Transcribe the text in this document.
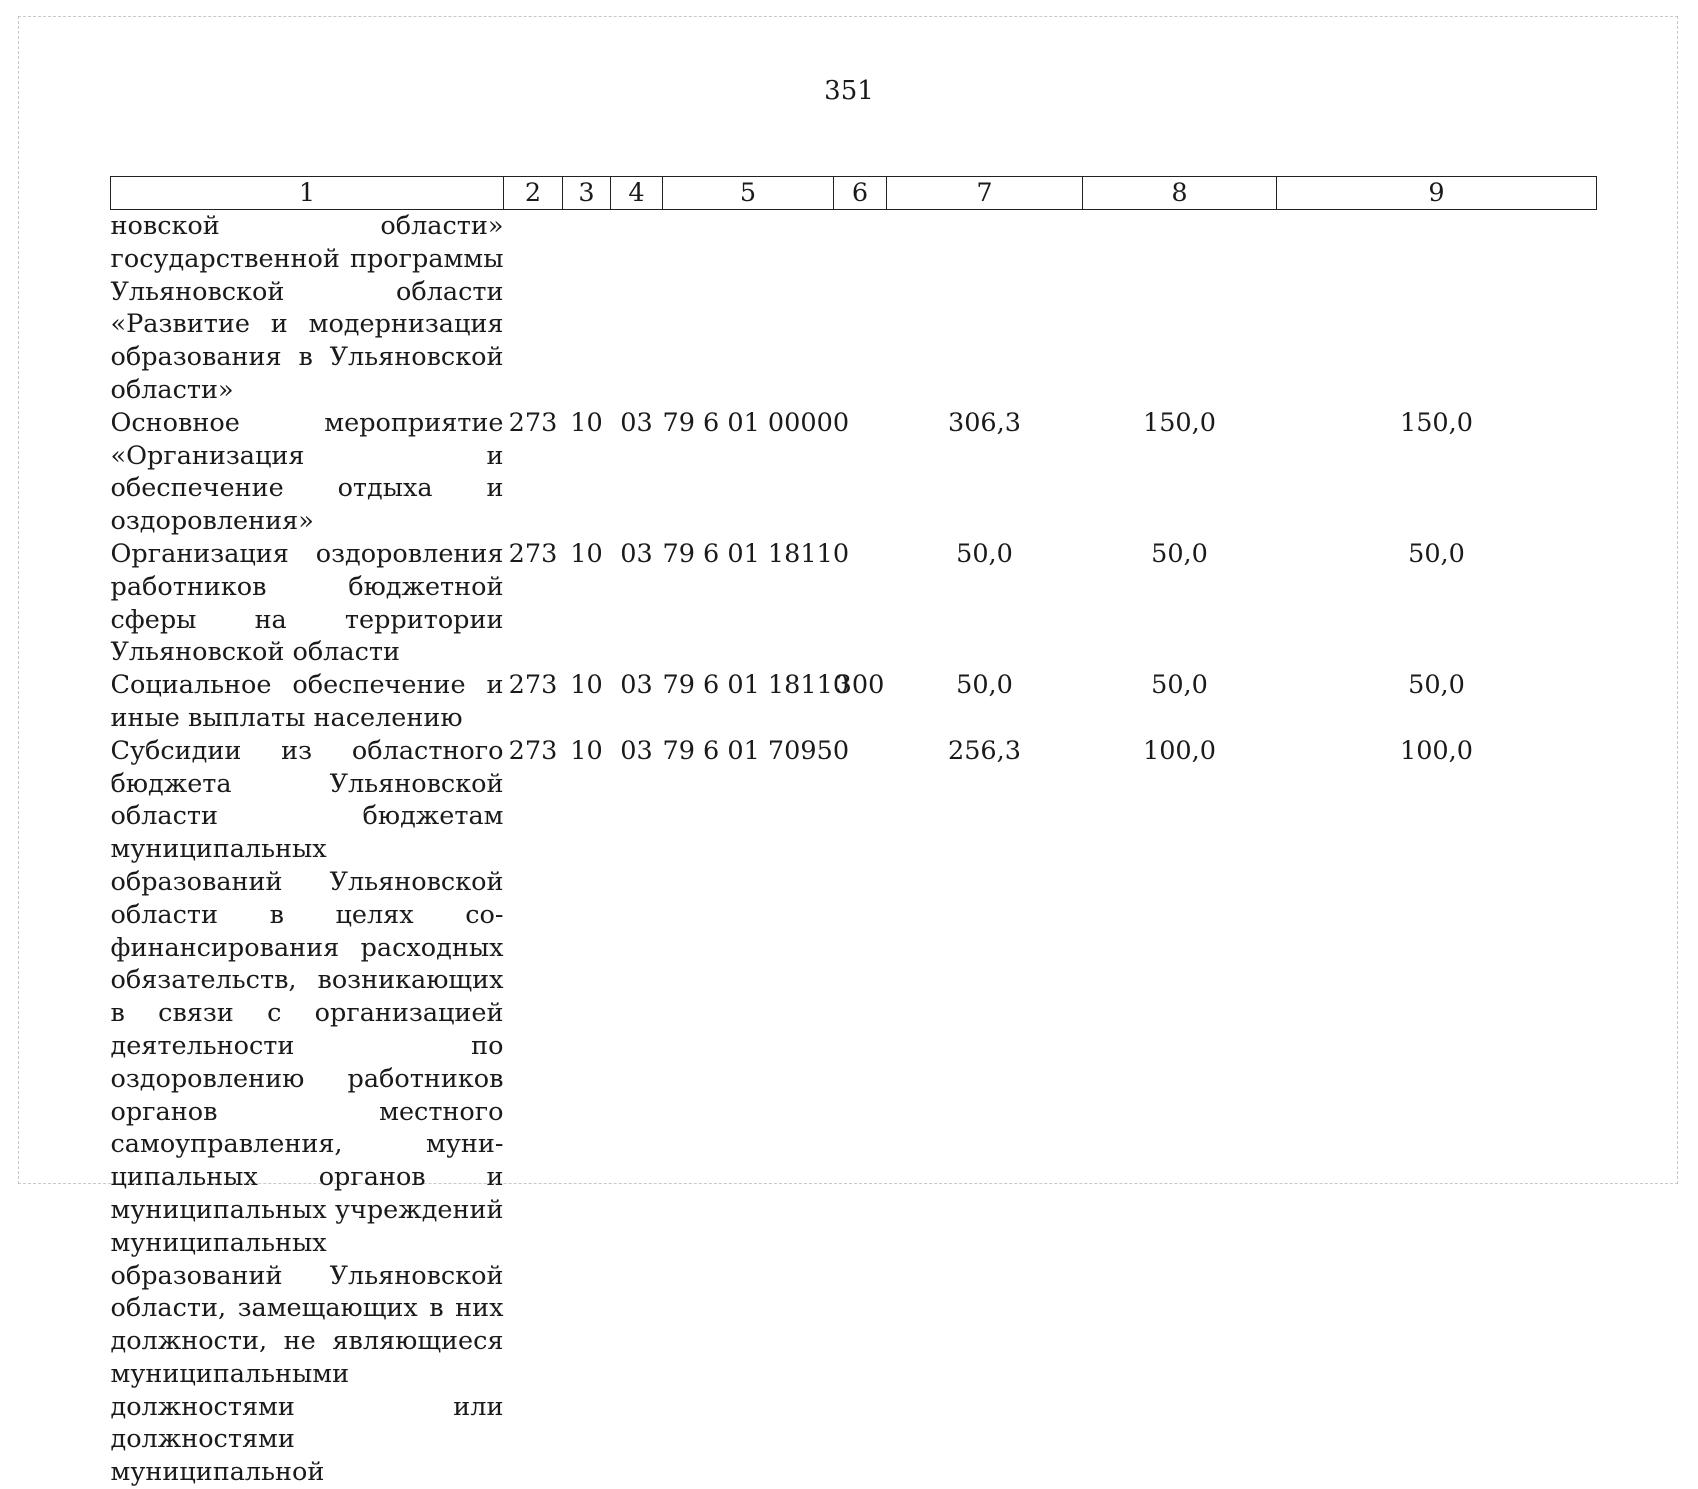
351
1	2	3	4	5	6	7	8	9
новской области» государственной программы Ульяновской области «Развитие и модернизация образования в Ульяновской области»								
Основное мероприятие «Организация и обеспечение отдыха и оздоровления»	273	10	03	79 6 01 00000		306,3	150,0	150,0
Организация оздоровления работников бюджетной сферы на территории Ульяновской области	273	10	03	79 6 01 18110		50,0	50,0	50,0
Социальное обеспечение и иные выплаты населению	273	10	03	79 6 01 18110	300	50,0	50,0	50,0
Субсидии из областного бюджета Ульяновской области бюджетам муниципальных образований Ульяновской области в целях софинансирования расходных обязательств, возникающих в связи с организацией деятельности по оздоровлению работников органов местного самоуправления, муниципальных органов и муниципальных учреждений муниципальных образований Ульяновской области, замещающих в них должности, не являющиеся муниципальными должностями или должностями муниципальной	273	10	03	79 6 01 70950		256,3	100,0	100,0
